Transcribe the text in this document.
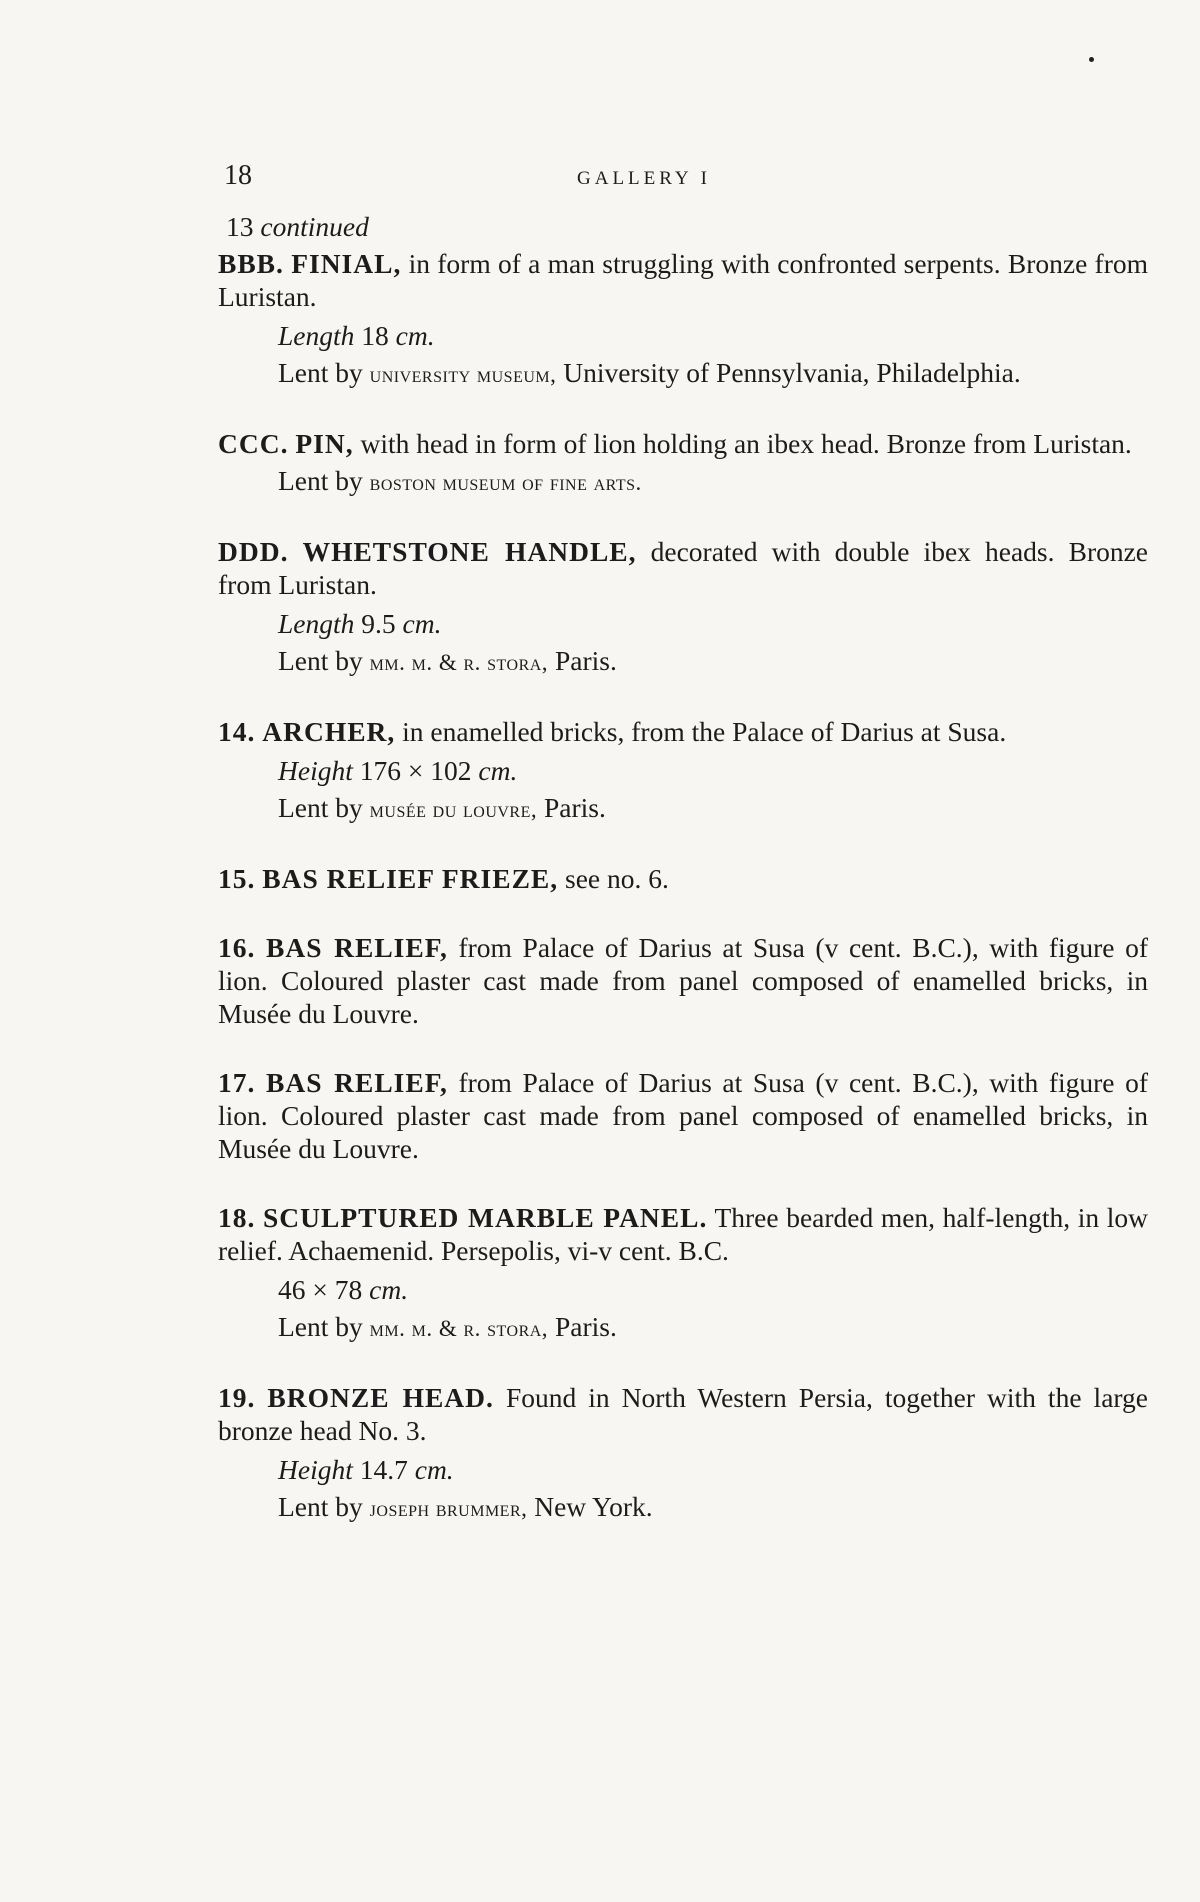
18	GALLERY I
13 continued

BBB. FINIAL, in form of a man struggling with confronted serpents. Bronze from Luristan.

Length 18 cm.

Lent by university museum, University of Pennsylvania, Philadelphia.

CCC. PIN, with head in form of lion holding an ibex head. Bronze from Luristan.

Lent by boston museum of fine arts.

DDD. WHETSTONE HANDLE, decorated with double ibex heads. Bronze from Luristan.

Length 9.5 cm.

Lent by mm. m. & r. stora, Paris.

14. ARCHER, in enamelled bricks, from the Palace of Darius at Susa.

Height 176 × 102 cm.

Lent by musée du louvre, Paris.

15. BAS RELIEF FRIEZE, see no. 6.

16. BAS RELIEF, from Palace of Darius at Susa (v cent. B.C.), with figure of lion. Coloured plaster cast made from panel composed of enamelled bricks, in Musée du Louvre.

17. BAS RELIEF, from Palace of Darius at Susa (v cent. B.C.), with figure of lion. Coloured plaster cast made from panel composed of enamelled bricks, in Musée du Louvre.

18. SCULPTURED MARBLE PANEL. Three bearded men, half-length, in low relief. Achaemenid. Persepolis, vi-v cent. B.C.

46 × 78 cm.

Lent by mm. m. & r. stora, Paris.

19. BRONZE HEAD. Found in North Western Persia, together with the large bronze head No. 3.

Height 14.7 cm.

Lent by joseph brummer, New York.
